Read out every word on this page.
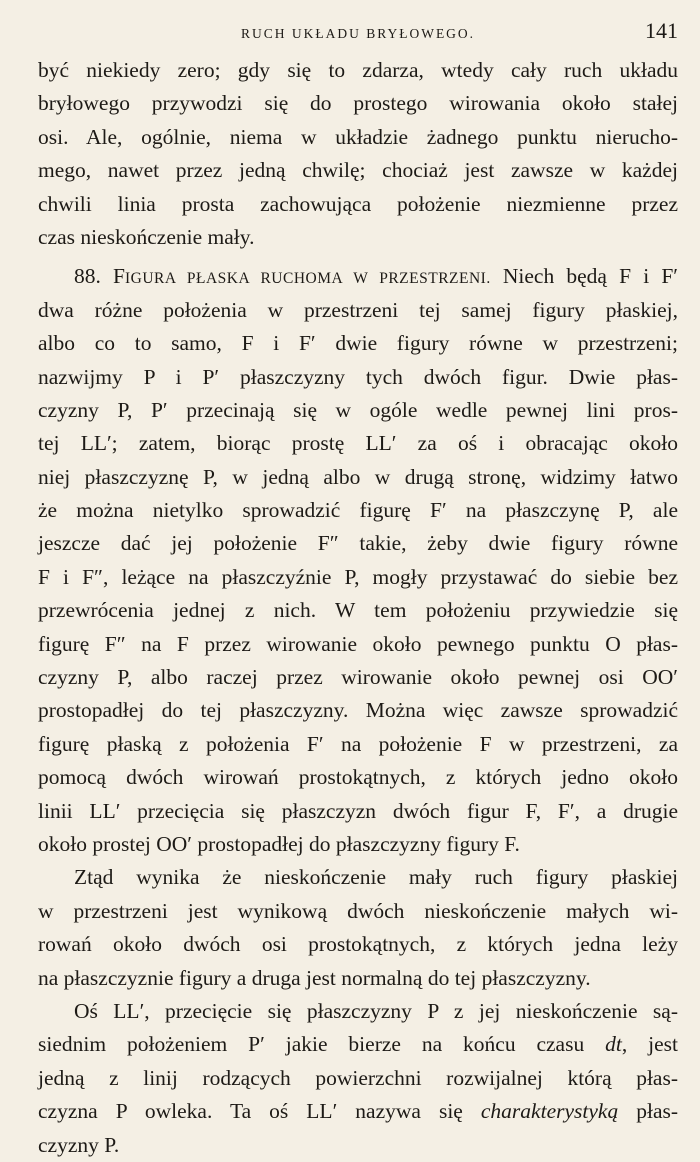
RUCH UKŁADU BRYŁOWEGO.	141
być niekiedy zero; gdy się to zdarza, wtedy cały ruch układu
bryłowego przywodzi się do prostego wirowania około stałej
osi. Ale, ogólnie, niema w układzie żadnego punktu nierucho-
mego, nawet przez jedną chwilę; chociaż jest zawsze w każdej
chwili linia prosta zachowująca położenie niezmienne przez
czas nieskończenie mały.
88. FIGURA PŁASKA RUCHOMA W PRZESTRZENI. Niech będą F i F′
dwa różne położenia w przestrzeni tej samej figury płaskiej,
albo co to samo, F i F′ dwie figury równe w przestrzeni;
nazwijmy P i P′ płaszczyzny tych dwóch figur. Dwie płas-
czyzny P, P′ przecinają się w ogóle wedle pewnej lini pros-
tej LL′; zatem, biorąc prostę LL′ za oś i obracając około
niej płaszczyznę P, w jedną albo w drugą stronę, widzimy łatwo
że można nietylko sprowadzić figurę F′ na płaszczynę P, ale
jeszcze dać jej położenie F″ takie, żeby dwie figury równe
F i F″, leżące na płaszczyźnie P, mogły przystawać do siebie bez
przewrócenia jednej z nich. W tem położeniu przywiedzie się
figurę F″ na F przez wirowanie około pewnego punktu O płas-
czyzny P, albo raczej przez wirowanie około pewnej osi OO′
prostopadłej do tej płaszczyzny. Można więc zawsze sprowadzić
figurę płaską z położenia F′ na położenie F w przestrzeni, za
pomocą dwóch wirowań prostokątnych, z których jedno około
linii LL′ przecięcia się płaszczyzn dwóch figur F, F′, a drugie
około prostej OO′ prostopadłej do płaszczyzny figury F.
Ztąd wynika że nieskończenie mały ruch figury płaskiej
w przestrzeni jest wynikową dwóch nieskończenie małych wi-
rowań około dwóch osi prostokątnych, z których jedna leży
na płaszczyznie figury a druga jest normalną do tej płaszczyzny.
Oś LL′, przecięcie się płaszczyzny P z jej nieskończenie są-
siednim położeniem P′ jakie bierze na końcu czasu dt, jest
jedną z linij rodzących powierzchni rozwijalnej którą płas-
czyzna P owleka. Ta oś LL′ nazywa się charakterystyką płas-
czyzny P.
